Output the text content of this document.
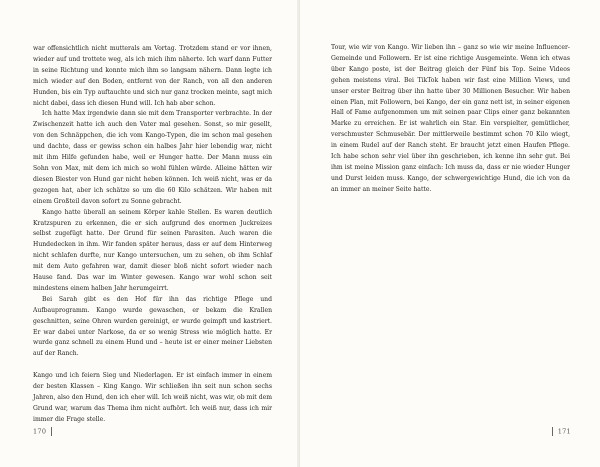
war offensichtlich nicht mutterals am Vortag. Trotzdem stand er vor ihnen, wieder auf und trottete weg, als ich mich ihm näherte. Ich warf dann Futter in seine Richtung und konnte mich ihm so langsam nähern. Dann legte ich mich wieder auf den Boden, entfernt von der Ranch, von all den anderen Hunden, bis ein Typ auftauchte und sich nur ganz trocken meinte, sagt mich nicht dabei, dass ich diesen Hund will. Ich hab aber schon.

Ich hatte Max irgendwie dann sie mit dem Transporter verbrachte. In der Zwischenzeit hatte ich auch den Vater mal gesehen. Sonst, so mir gesellt, von den Schnäppchen, die ich vom Kango-Typen, die im schon mal gesehen und dachte, dass er gewiss schon ein halbes Jahr hier lebendig war, nicht mit ihm Hilfe gefunden habe, weil er Hunger hatte. Der Mann muss ein Sohn von Max, mit dem ich mich so wohl fühlen würde. Alleine hätten wir diesen Biester von Hund gar nicht heben können. Ich weiß nicht, was er da gezogen hat, aber ich schätze so um die 60 Kilo schätzen. Wir haben mit einem Großteil davon sofort zu Sonne gebracht.

Kango hatte überall an seinem Körper kahle Stellen. Es waren deutlich Kratzspuren zu erkennen, die er sich aufgrund des enormen Juckreizes selbst zugefügt hatte. Der Grund für seinen Parasiten. Auch waren die Hundedecken in ihm. Wir fanden später heraus, dass er auf dem Hinterweg nicht schlafen durfte, nur Kango untersuchen, um zu sehen, ob ihm Schlaf mit dem Auto gefahren war, damit dieser bloß nicht sofort wieder nach Hause fand. Das war im Winter gewesen. Kango war wohl schon seit mindestens einem halben Jahr herumgeirrt.

Bei Sarah gibt es den Hof für ihn das richtige Pflege und Aufbauprogramm. Kango wurde gewaschen, er bekam die Krallen geschnitten, seine Ohren wurden gereinigt, er wurde geimpft und kastriert. Er war dabei unter Narkose, da er so wenig Stress wie möglich hatte. Er wurde ganz schnell zu einem Hund und – heute ist er einer meiner Liebsten auf der Ranch.

Kango und ich feiern Sieg und Niederlagen. Er ist einfach immer in einem der besten Klassen – King Kango. Wir schließen ihn seit nun schon sechs Jahren, also den Hund, den ich eher will. Ich weiß nicht, was wir, ob mit dem Grund war, warum das Thema ihm nicht aufhört. Ich weiß nur, dass ich mir immer die Frage stelle.

170

Tour, wie wir von Kango. Wir lieben ihn – ganz so wie wir meine Influencer-Gemeinde und Followern. Er ist eine richtige Ausgemeinte. Wenn ich etwas über Kango poste, ist der Beitrag gleich der Fünf bis Top. Seine Videos gehen meistens viral. Bei TikTok haben wir fast eine Million Views, und unser erster Beitrag über ihn hatte über 30 Millionen Besucher. Wir haben einen Plan, mit Followern, bei Kango, der ein ganz nett ist, in seiner eigenen Hall of Fame aufgenommen um mit seinen paar Clips einer ganz bekannten Marke zu erreichen. Er ist wahrlich ein Star. Ein verspielter, gemütlicher, verschmuster Schmusebär. Der mittlerweile bestimmt schon 70 Kilo wiegt, in einem Rudel auf der Ranch steht. Er braucht jetzt einen Haufen Pflege. Ich habe schon sehr viel über ihn geschrieben, ich kenne ihn sehr gut. Bei ihm ist meine Mission ganz einfach: Ich muss da, dass er nie wieder Hunger und Durst leiden muss. Kango, der schwergewichtige Hund, die ich von da an immer an meiner Seite hatte.

171
